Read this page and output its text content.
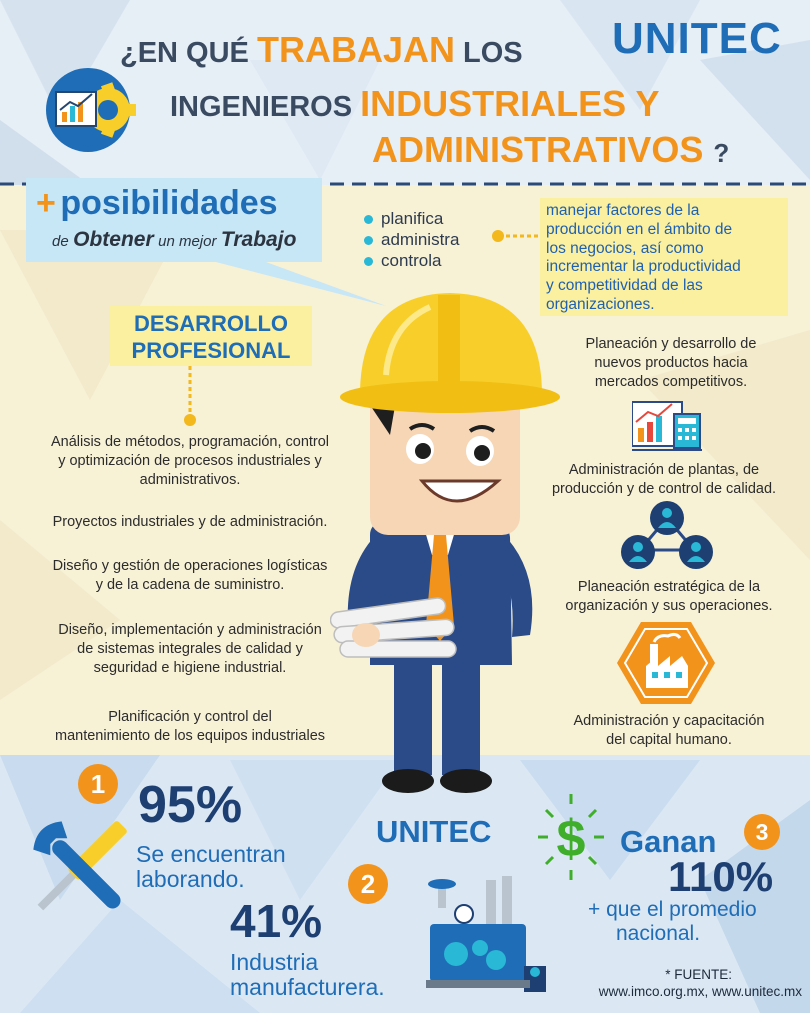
¿EN QUÉ TRABAJAN LOS
INGENIEROS INDUSTRIALES Y
ADMINISTRATIVOS ?
UNITEC
+ posibilidades
de Obtener un mejor Trabajo
planifica
administra
controla
manejar factores de la
producción en el ámbito de
los negocios, así como
incrementar la productividad
y competitividad de las
organizaciones.
DESARROLLO
PROFESIONAL
Análisis de métodos, programación, control
y optimización de procesos industriales y
administrativos.
Proyectos industriales y de administración.
Diseño y gestión de operaciones logísticas
y de la cadena de suministro.
Diseño, implementación y administración
de sistemas integrales de calidad y
seguridad e higiene industrial.
Planificación y control del
mantenimiento de los equipos industriales
Planeación y desarrollo de
nuevos productos hacia
mercados competitivos.
Administración de plantas, de
producción y de control de calidad.
Planeación estratégica de la
organización y sus operaciones.
Administración y capacitación
del capital humano.
1 95%
Se encuentran
laborando.
UNITEC
2
41%
Industria
manufacturera.
$	3
Ganan
110%
+ que el promedio
nacional.
* FUENTE:
www.imco.org.mx, www.unitec.mx
